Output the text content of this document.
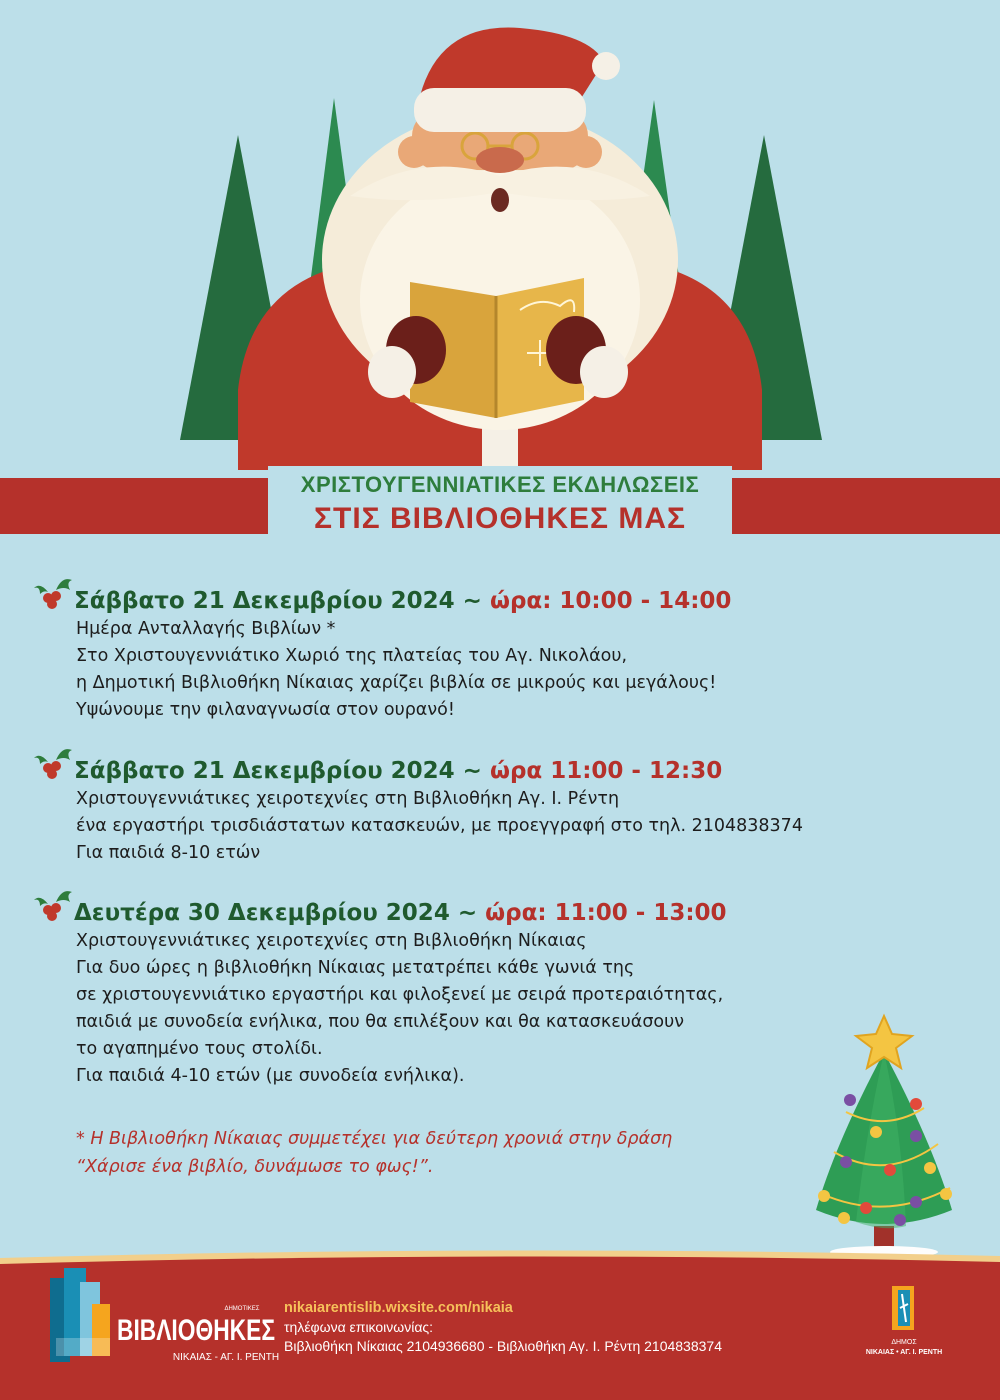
ΧΡΙΣΤΟΥΓΕΝΝΙΑΤΙΚΕΣ ΕΚΔΗΛΩΣΕΙΣ
ΣΤΙΣ ΒΙΒΛΙΟΘΗΚΕΣ ΜΑΣ
Σάββατο 21 Δεκεμβρίου 2024 ~ ώρα: 10:00 - 14:00
Ημέρα Ανταλλαγής Βιβλίων *
Στο Χριστουγεννιάτικο Χωριό της πλατείας του Αγ. Νικολάου,
η Δημοτική Βιβλιοθήκη Νίκαιας χαρίζει βιβλία σε μικρούς και μεγάλους!
Υψώνουμε την φιλαναγνωσία στον ουρανό!
Σάββατο 21 Δεκεμβρίου 2024 ~ ώρα 11:00 - 12:30
Χριστουγεννιάτικες χειροτεχνίες στη Βιβλιοθήκη Αγ. Ι. Ρέντη
ένα εργαστήρι τρισδιάστατων κατασκευών, με προεγγραφή στο τηλ. 2104838374
Για παιδιά 8-10 ετών
Δευτέρα 30 Δεκεμβρίου 2024 ~ ώρα: 11:00 - 13:00
Χριστουγεννιάτικες χειροτεχνίες στη Βιβλιοθήκη Νίκαιας
Για δυο ώρες η βιβλιοθήκη Νίκαιας μετατρέπει κάθε γωνιά της
σε χριστουγεννιάτικο εργαστήρι και φιλοξενεί με σειρά προτεραιότητας,
παιδιά με συνοδεία ενήλικα, που θα επιλέξουν και θα κατασκευάσουν
το αγαπημένο τους στολίδι.
Για παιδιά 4-10 ετών (με συνοδεία ενήλικα).
* Η Βιβλιοθήκη Νίκαιας συμμετέχει για δεύτερη χρονιά στην δράση
“Χάρισε ένα βιβλίο, δυνάμωσε το φως!”.
ΔΗΜΟΤΙΚΕΣ
ΒΙΒΛΙΟΘΗΚΕΣ
ΝΙΚΑΙΑΣ - ΑΓ. Ι. ΡΕΝΤΗ
nikaiarentislib.wixsite.com/nikaia
τηλέφωνα επικοινωνίας:
Βιβλιοθήκη Νίκαιας 2104936680 - Βιβλιοθήκη Αγ. Ι. Ρέντη 2104838374	ΔΗΜΟΣ
ΝΙΚΑΙΑΣ • ΑΓ. Ι. ΡΕΝΤΗ
